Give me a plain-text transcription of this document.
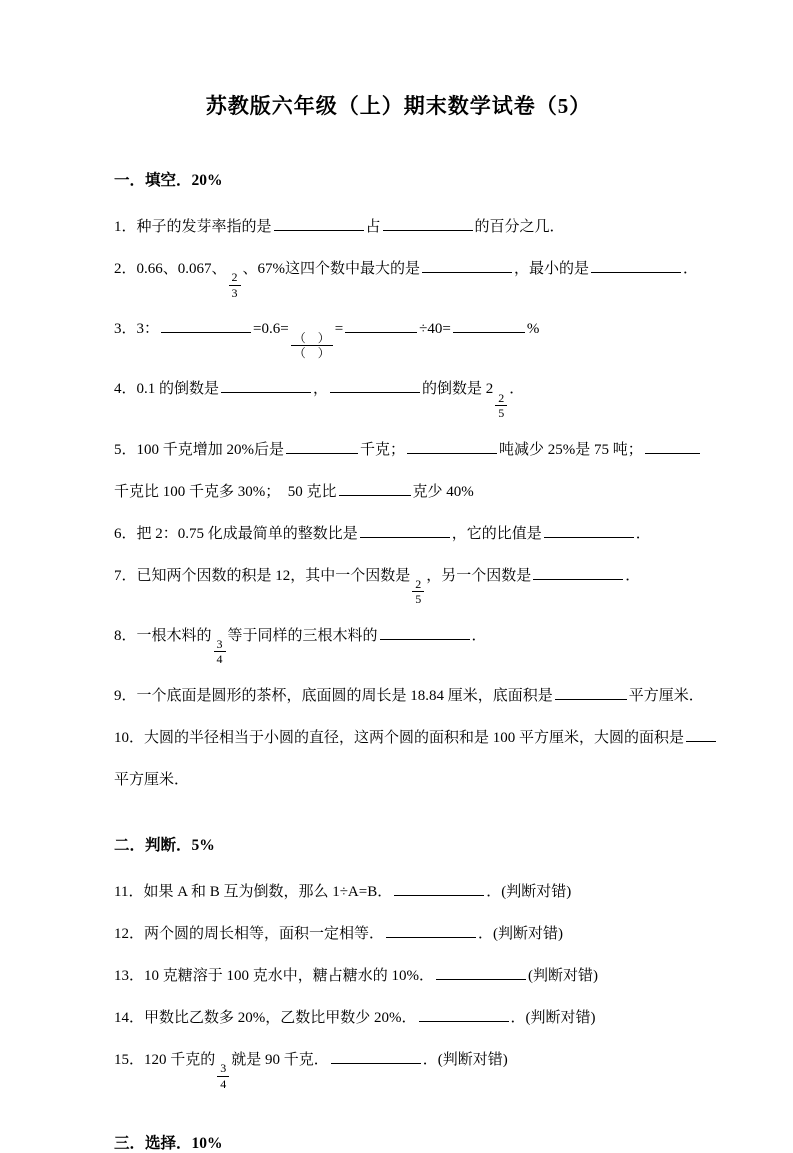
苏教版六年级（上）期末数学试卷（5）
一．填空．20%
1．种子的发芽率指的是	占	的百分之几．
2．0.66、0.067、
$\frac{2}{3}$
、67%这四个数中最大的是	，最小的是	．
3．3：	=0.6=
$\frac{( )}{( )}$
=	÷40=	%
4．0.1 的倒数是	，	的倒数是 2
$\frac{2}{5}$
．
5．100 千克增加 20%后是	千克；	吨减少 25%是 75 吨；
千克比 100 千克多 30%；　50 克比	克少 40%
6．把 2：0.75 化成最简单的整数比是	，它的比值是	．
7．已知两个因数的积是 12，其中一个因数是
$\frac{2}{5}$
，另一个因数是	．
8．一根木料的
$\frac{3}{4}$
等于同样的三根木料的	．
9．一个底面是圆形的茶杯，底面圆的周长是 18.84 厘米，底面积是	平方厘米．
10．大圆的半径相当于小圆的直径，这两个圆的面积和是 100 平方厘米，大圆的面积是
平方厘米．
二．判断．5%
11．如果 A 和 B 互为倒数，那么 1÷A=B．	．(判断对错)
12．两个圆的周长相等，面积一定相等．	．(判断对错)
13．10 克糖溶于 100 克水中，糖占糖水的 10%．	(判断对错)
14．甲数比乙数多 20%，乙数比甲数少 20%．	．(判断对错)
15．120 千克的
$\frac{3}{4}$
就是 90 千克．	．(判断对错)
三．选择．10%
